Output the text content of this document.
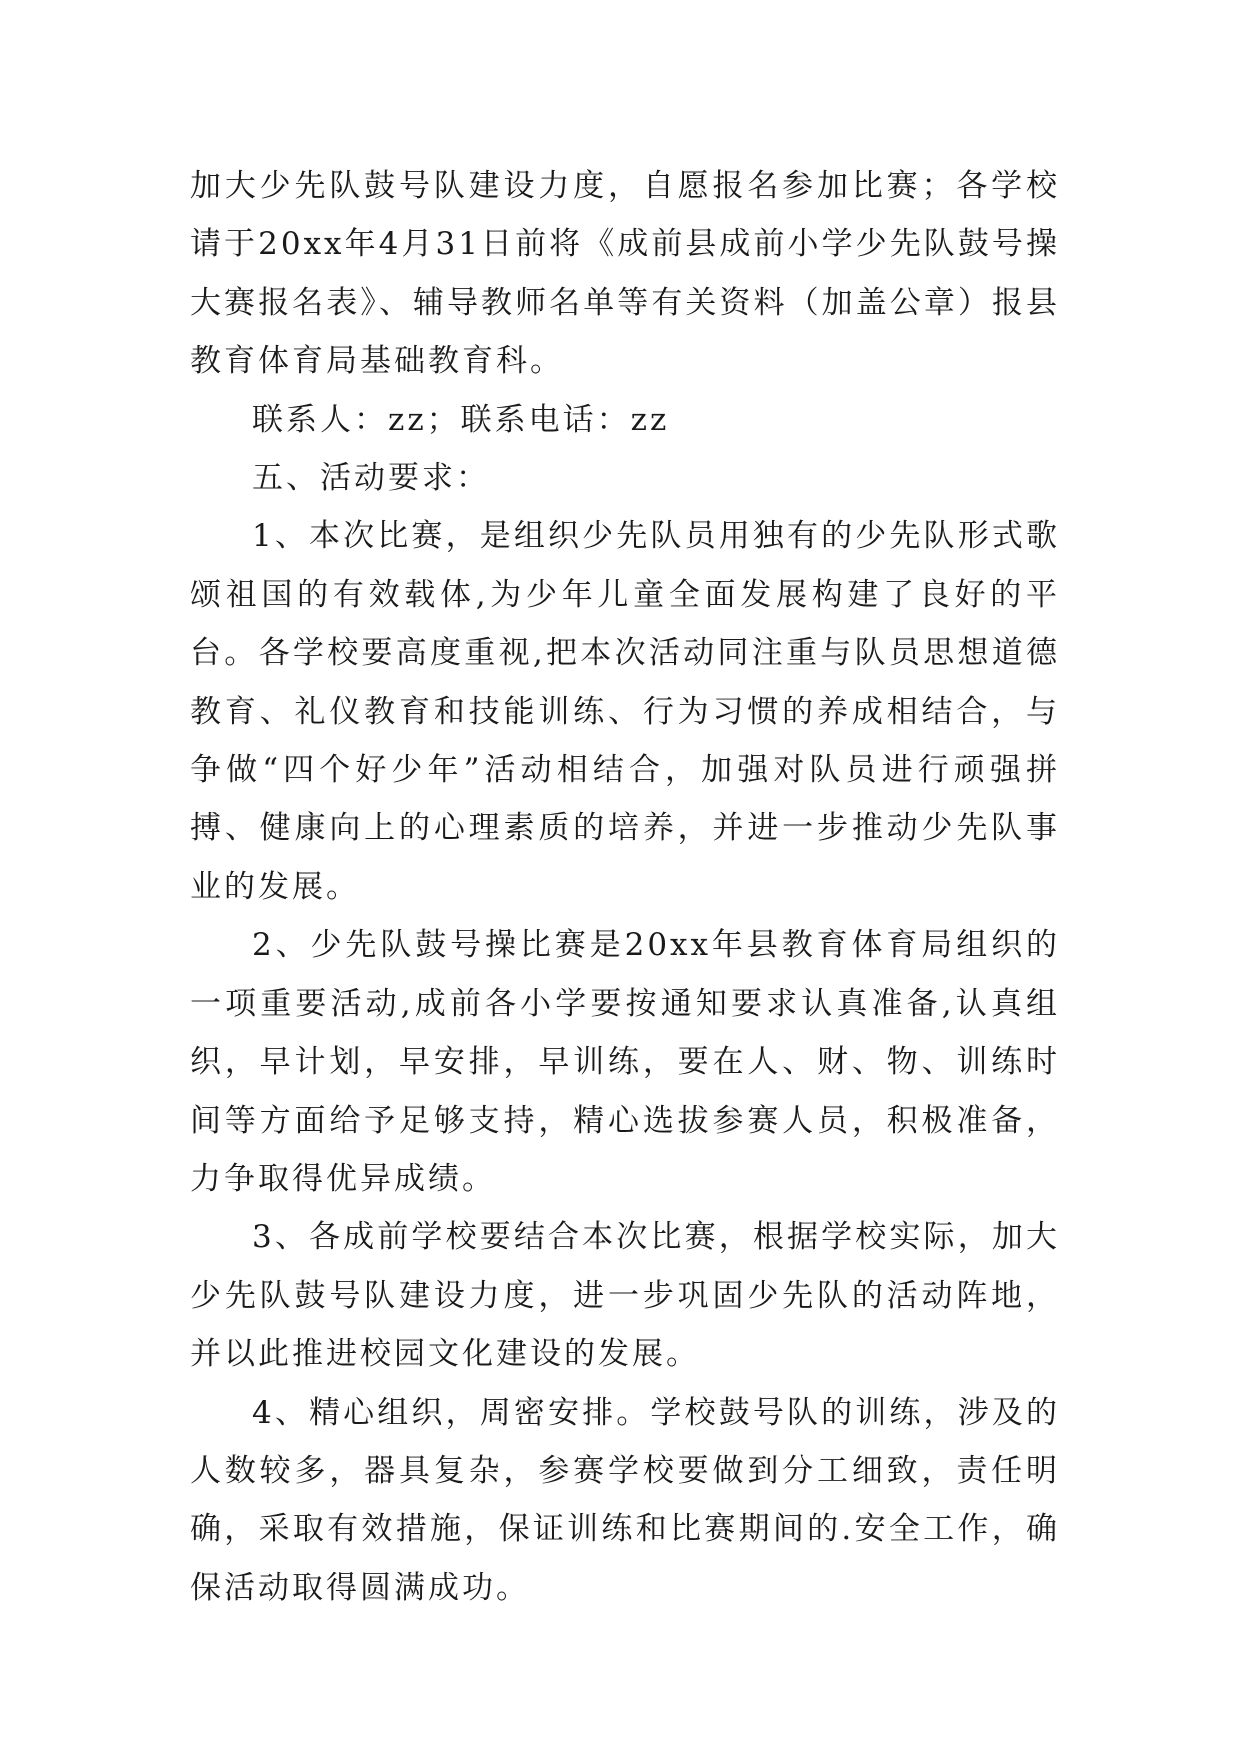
加大少先队鼓号队建设力度，自愿报名参加比赛；各学校请于20xx年4月31日前将《成前县成前小学少先队鼓号操大赛报名表》、辅导教师名单等有关资料（加盖公章）报县教育体育局基础教育科。

联系人：zz；联系电话：zz

五、活动要求：

1、本次比赛，是组织少先队员用独有的少先队形式歌颂祖国的有效载体,为少年儿童全面发展构建了良好的平台。各学校要高度重视,把本次活动同注重与队员思想道德教育、礼仪教育和技能训练、行为习惯的养成相结合，与争做“四个好少年”活动相结合，加强对队员进行顽强拼搏、健康向上的心理素质的培养，并进一步推动少先队事业的发展。

2、少先队鼓号操比赛是20xx年县教育体育局组织的一项重要活动,成前各小学要按通知要求认真准备,认真组织，早计划，早安排，早训练，要在人、财、物、训练时间等方面给予足够支持，精心选拔参赛人员，积极准备，力争取得优异成绩。

3、各成前学校要结合本次比赛，根据学校实际，加大少先队鼓号队建设力度，进一步巩固少先队的活动阵地，并以此推进校园文化建设的发展。

4、精心组织，周密安排。学校鼓号队的训练，涉及的人数较多，器具复杂，参赛学校要做到分工细致，责任明确，采取有效措施，保证训练和比赛期间的.安全工作，确保活动取得圆满成功。
